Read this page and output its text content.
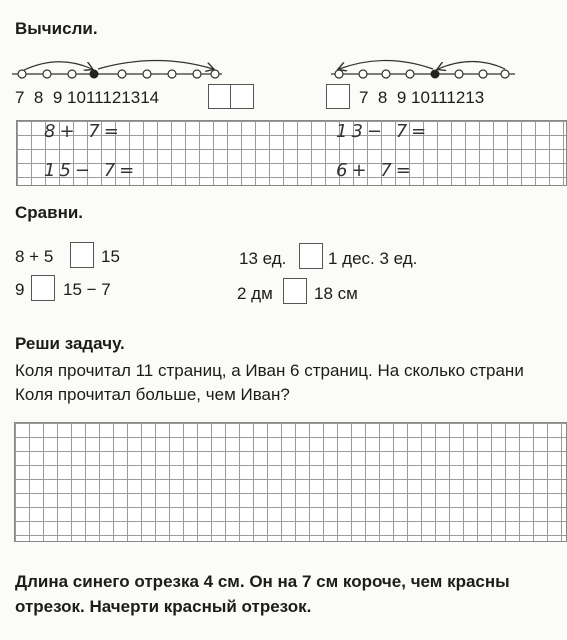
Вычисли.
7 8 9 1011121314	7 8 9 10111213
8+ 7=
15− 7=
13− 7=
6+ 7=
Сравни.
8 + 5	15
9 15 − 7
13 ед. 1 дес. 3 ед.
2 дм 18 см
Реши задачу.
Коля прочитал 11 страниц, а Иван 6 страниц. На сколько страни
Коля прочитал больше, чем Иван?
Длина синего отрезка 4 см. Он на 7 см короче, чем красны
отрезок. Начерти красный отрезок.
